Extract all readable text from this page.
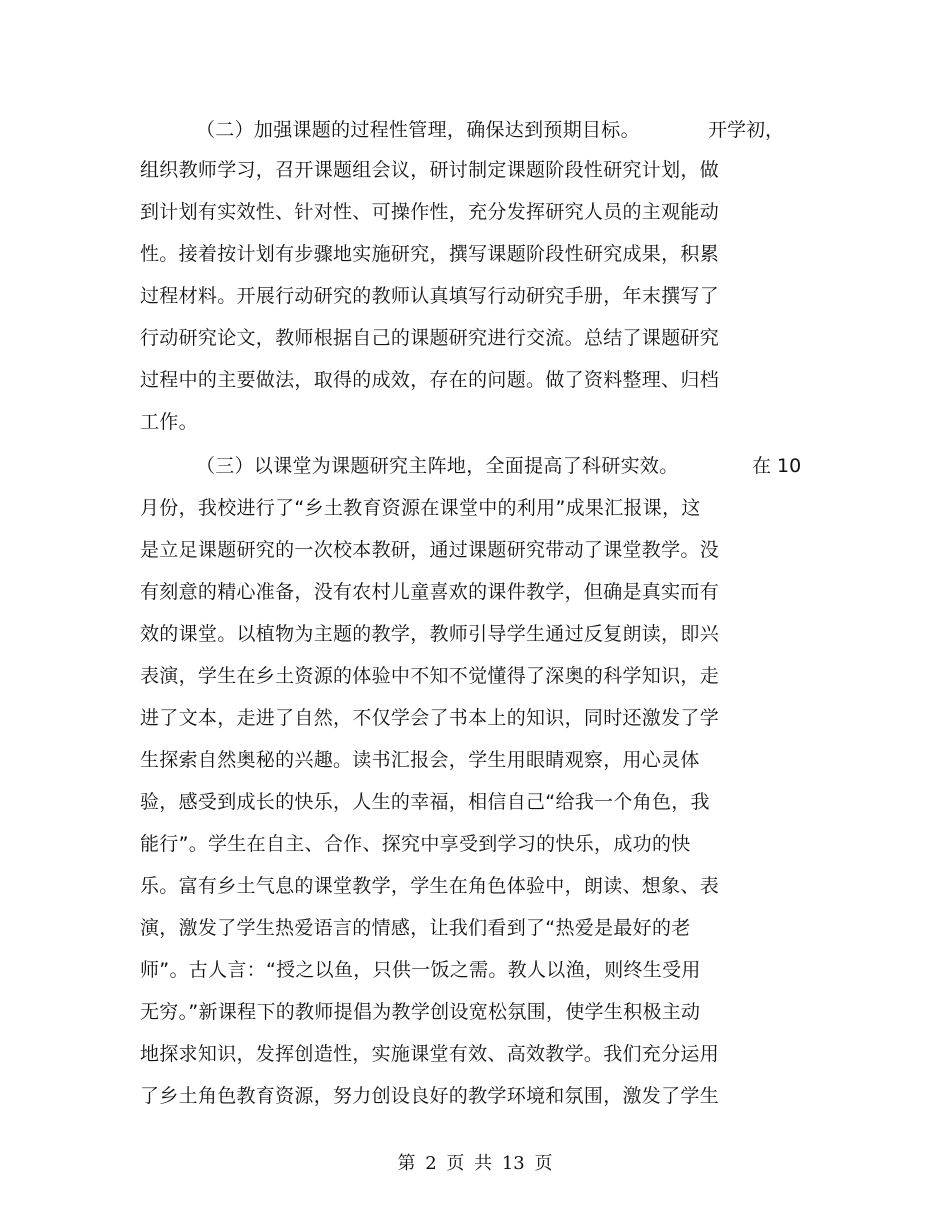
（二）加强课题的过程性管理，确保达到预期目标。	开学初，
组织教师学习，召开课题组会议，研讨制定课题阶段性研究计划，做
到计划有实效性、针对性、可操作性，充分发挥研究人员的主观能动
性。接着按计划有步骤地实施研究，撰写课题阶段性研究成果，积累
过程材料。开展行动研究的教师认真填写行动研究手册，年末撰写了
行动研究论文，教师根据自己的课题研究进行交流。总结了课题研究
过程中的主要做法，取得的成效，存在的问题。做了资料整理、归档
工作。
（三）以课堂为课题研究主阵地，全面提高了科研实效。	在 10
月份，我校进行了“乡土教育资源在课堂中的利用”成果汇报课，这
是立足课题研究的一次校本教研，通过课题研究带动了课堂教学。没
有刻意的精心准备，没有农村儿童喜欢的课件教学，但确是真实而有
效的课堂。以植物为主题的教学，教师引导学生通过反复朗读，即兴
表演，学生在乡土资源的体验中不知不觉懂得了深奥的科学知识，走
进了文本，走进了自然，不仅学会了书本上的知识，同时还激发了学
生探索自然奥秘的兴趣。读书汇报会，学生用眼睛观察，用心灵体
验，感受到成长的快乐，人生的幸福，相信自己“给我一个角色，我
能行”。学生在自主、合作、探究中享受到学习的快乐，成功的快
乐。富有乡土气息的课堂教学，学生在角色体验中，朗读、想象、表
演，激发了学生热爱语言的情感，让我们看到了“热爱是最好的老
师”。古人言：“授之以鱼，只供一饭之需。教人以渔，则终生受用
无穷。”新课程下的教师提倡为教学创设宽松氛围，使学生积极主动
地探求知识，发挥创造性，实施课堂有效、高效教学。我们充分运用
了乡土角色教育资源，努力创设良好的教学环境和氛围，激发了学生
第 2 页 共 13 页
